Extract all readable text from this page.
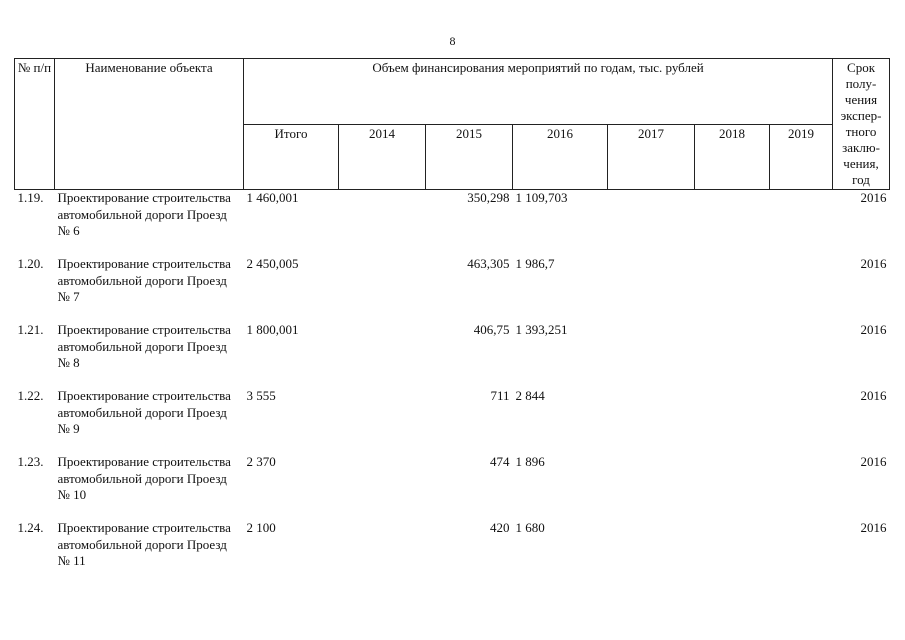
8
№ п/п	Наименование объекта	Объем финансирования мероприятий по годам, тыс. рублей							Срок полу-чения экспер-тного заклю-чения, год
		Итого	2014	2015	2016	2017	2018	2019	
1.19.	Проектирование строительства автомобильной дороги Проезд № 6	1 460,001		350,298	1 109,703				2016
1.20.	Проектирование строительства автомобильной дороги Проезд № 7	2 450,005		463,305	1 986,7				2016
1.21.	Проектирование строительства автомобильной дороги Проезд № 8	1 800,001		406,75	1 393,251				2016
1.22.	Проектирование строительства автомобильной дороги Проезд № 9	3 555		711	2 844				2016
1.23.	Проектирование строительства автомобильной дороги Проезд № 10	2 370		474	1 896				2016
1.24.	Проектирование строительства автомобильной дороги Проезд № 11	2 100		420	1 680				2016
